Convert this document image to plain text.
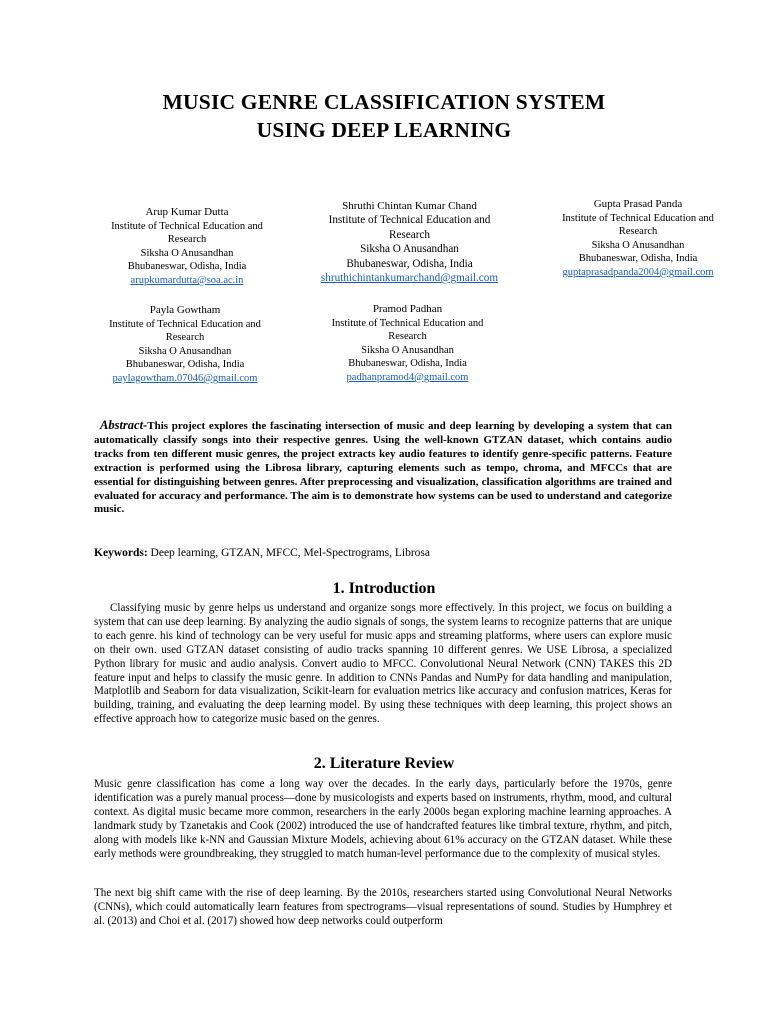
MUSIC GENRE CLASSIFICATION SYSTEM
USING DEEP LEARNING
Arup Kumar Dutta
Institute of Technical Education and
Research
Siksha O Anusandhan
Bhubaneswar, Odisha, India
arupkumardutta@soa.ac.in
Shruthi Chintan Kumar Chand
Institute of Technical Education and
Research
Siksha O Anusandhan
Bhubaneswar, Odisha, India
shruthichintankumarchand@gmail.com
Gupta Prasad Panda
Institute of Technical Education and
Research
Siksha O Anusandhan
Bhubaneswar, Odisha, India
guptaprasadpanda2004@gmail.com
Payla Gowtham
Institute of Technical Education and
Research
Siksha O Anusandhan
Bhubaneswar, Odisha, India
paylagowtham.07046@gmail.com
Pramod Padhan
Institute of Technical Education and
Research
Siksha O Anusandhan
Bhubaneswar, Odisha, India
padhanpramod4@gmail.com
Abstract-This project explores the fascinating intersection of music and deep learning by developing a system that can automatically classify songs into their respective genres. Using the well-known GTZAN dataset, which contains audio tracks from ten different music genres, the project extracts key audio features to identify genre-specific patterns. Feature extraction is performed using the Librosa library, capturing elements such as tempo, chroma, and MFCCs that are essential for distinguishing between genres. After preprocessing and visualization, classification algorithms are trained and evaluated for accuracy and performance. The aim is to demonstrate how systems can be used to understand and categorize music.
Keywords: Deep learning, GTZAN, MFCC, Mel-Spectrograms, Librosa
1. Introduction

Classifying music by genre helps us understand and organize songs more effectively. In this project, we focus on building a system that can use deep learning. By analyzing the audio signals of songs, the system learns to recognize patterns that are unique to each genre. his kind of technology can be very useful for music apps and streaming platforms, where users can explore music on their own. used GTZAN dataset consisting of audio tracks spanning 10 different genres. We USE Librosa, a specialized Python library for music and audio analysis. Convert audio to MFCC. Convolutional Neural Network (CNN) TAKES this 2D feature input and helps to classify the music genre. In addition to CNNs Pandas and NumPy for data handling and manipulation, Matplotlib and Seaborn for data visualization, Scikit-learn for evaluation metrics like accuracy and confusion matrices, Keras for building, training, and evaluating the deep learning model. By using these techniques with deep learning, this project shows an effective approach how to categorize music based on the genres.

2. Literature Review

Music genre classification has come a long way over the decades. In the early days, particularly before the 1970s, genre identification was a purely manual process—done by musicologists and experts based on instruments, rhythm, mood, and cultural context. As digital music became more common, researchers in the early 2000s began exploring machine learning approaches. A landmark study by Tzanetakis and Cook (2002) introduced the use of handcrafted features like timbral texture, rhythm, and pitch, along with models like k-NN and Gaussian Mixture Models, achieving about 61% accuracy on the GTZAN dataset. While these early methods were groundbreaking, they struggled to match human-level performance due to the complexity of musical styles.

The next big shift came with the rise of deep learning. By the 2010s, researchers started using Convolutional Neural Networks (CNNs), which could automatically learn features from spectrograms—visual representations of sound. Studies by Humphrey et al. (2013) and Choi et al. (2017) showed how deep networks could outperform
